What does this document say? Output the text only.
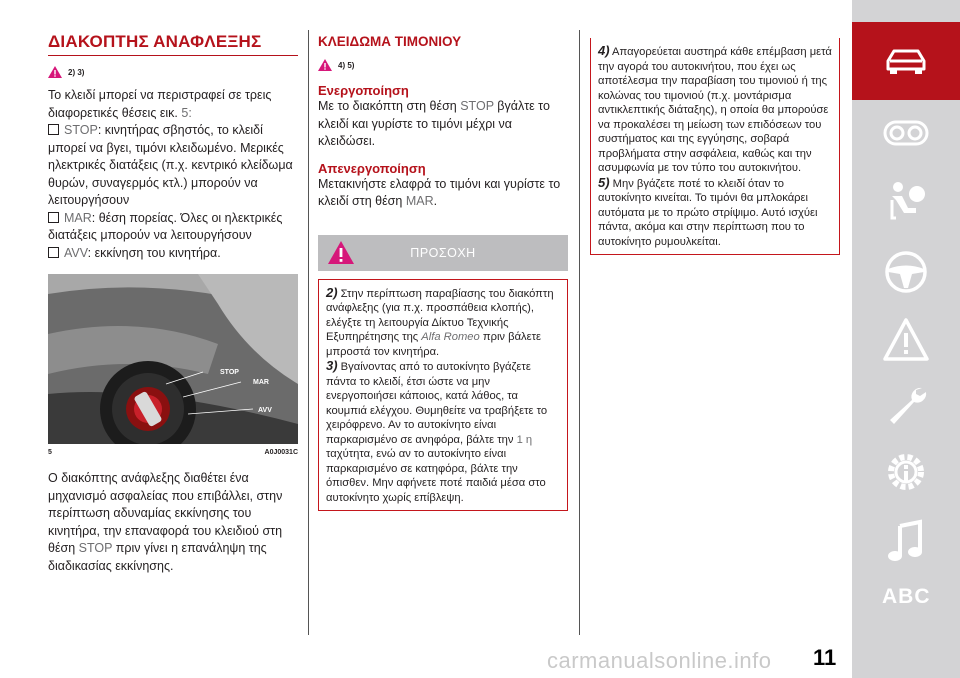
ΔΙΑΚΟΠΤΗΣ ΑΝΑΦΛΕΞΗΣ
2) 3)

Το κλειδί μπορεί να περιστραφεί σε τρεις διαφορετικές θέσεις εικ. 5:

STOP: κινητήρας σβηστός, το κλειδί μπορεί να βγει, τιμόνι κλειδωμένο. Μερικές ηλεκτρικές διατάξεις (π.χ. κεντρικό κλείδωμα θυρών, συναγερμός κτλ.) μπορούν να λειτουργήσουν

MAR: θέση πορείας. Όλες οι ηλεκτρικές διατάξεις μπορούν να λειτουργήσουν

AVV: εκκίνηση του κινητήρα.

STOP
MAR
AVV
5	A0J0031C

Ο διακόπτης ανάφλεξης διαθέτει ένα μηχανισμό ασφαλείας που επιβάλλει, στην περίπτωση αδυναμίας εκκίνησης του κινητήρα, την επαναφορά του κλειδιού στη θέση STOP πριν γίνει η επανάληψη της διαδικασίας εκκίνησης.

ΚΛΕΙΔΩΜΑ ΤΙΜΟΝΙΟΥ
4) 5)
Ενεργοποίηση

Με το διακόπτη στη θέση STOP βγάλτε το κλειδί και γυρίστε το τιμόνι μέχρι να κλειδώσει.

Απενεργοποίηση

Μετακινήστε ελαφρά το τιμόνι και γυρίστε το κλειδί στη θέση MAR.

ΠΡΟΣΟΧΗ

2) Στην περίπτωση παραβίασης του διακόπτη ανάφλεξης (για π.χ. προσπάθεια κλοπής), ελέγξτε τη λειτουργία Δίκτυο Τεχνικής Εξυπηρέτησης της Alfa Romeo πριν βάλετε μπροστά τον κινητήρα.

3) Βγαίνοντας από το αυτοκίνητο βγάζετε πάντα το κλειδί, έτσι ώστε να μην ενεργοποιήσει κάποιος, κατά λάθος, τα κουμπιά ελέγχου. Θυμηθείτε να τραβήξετε το χειρόφρενο. Αν το αυτοκίνητο είναι παρκαρισμένο σε ανηφόρα, βάλτε την 1 η ταχύτητα, ενώ αν το αυτοκίνητο είναι παρκαρισμένο σε κατηφόρα, βάλτε την όπισθεν. Μην αφήνετε ποτέ παιδιά μέσα στο αυτοκίνητο χωρίς επίβλεψη.

4) Απαγορεύεται αυστηρά κάθε επέμβαση μετά την αγορά του αυτοκινήτου, που έχει ως αποτέλεσμα την παραβίαση του τιμονιού ή της κολώνας του τιμονιού (π.χ. μοντάρισμα αντικλεπτικής διάταξης), η οποία θα μπορούσε να προκαλέσει τη μείωση των επιδόσεων του συστήματος και της εγγύησης, σοβαρά προβλήματα στην ασφάλεια, καθώς και την ασυμφωνία με τον τύπο του αυτοκινήτου.

5) Μην βγάζετε ποτέ το κλειδί όταν το αυτοκίνητο κινείται. Το τιμόνι θα μπλοκάρει αυτόματα με το πρώτο στρίψιμο. Αυτό ισχύει πάντα, ακόμα και στην περίπτωση που το αυτοκίνητο ρυμουλκείται.

ABC
carmanualsonline.info 11
